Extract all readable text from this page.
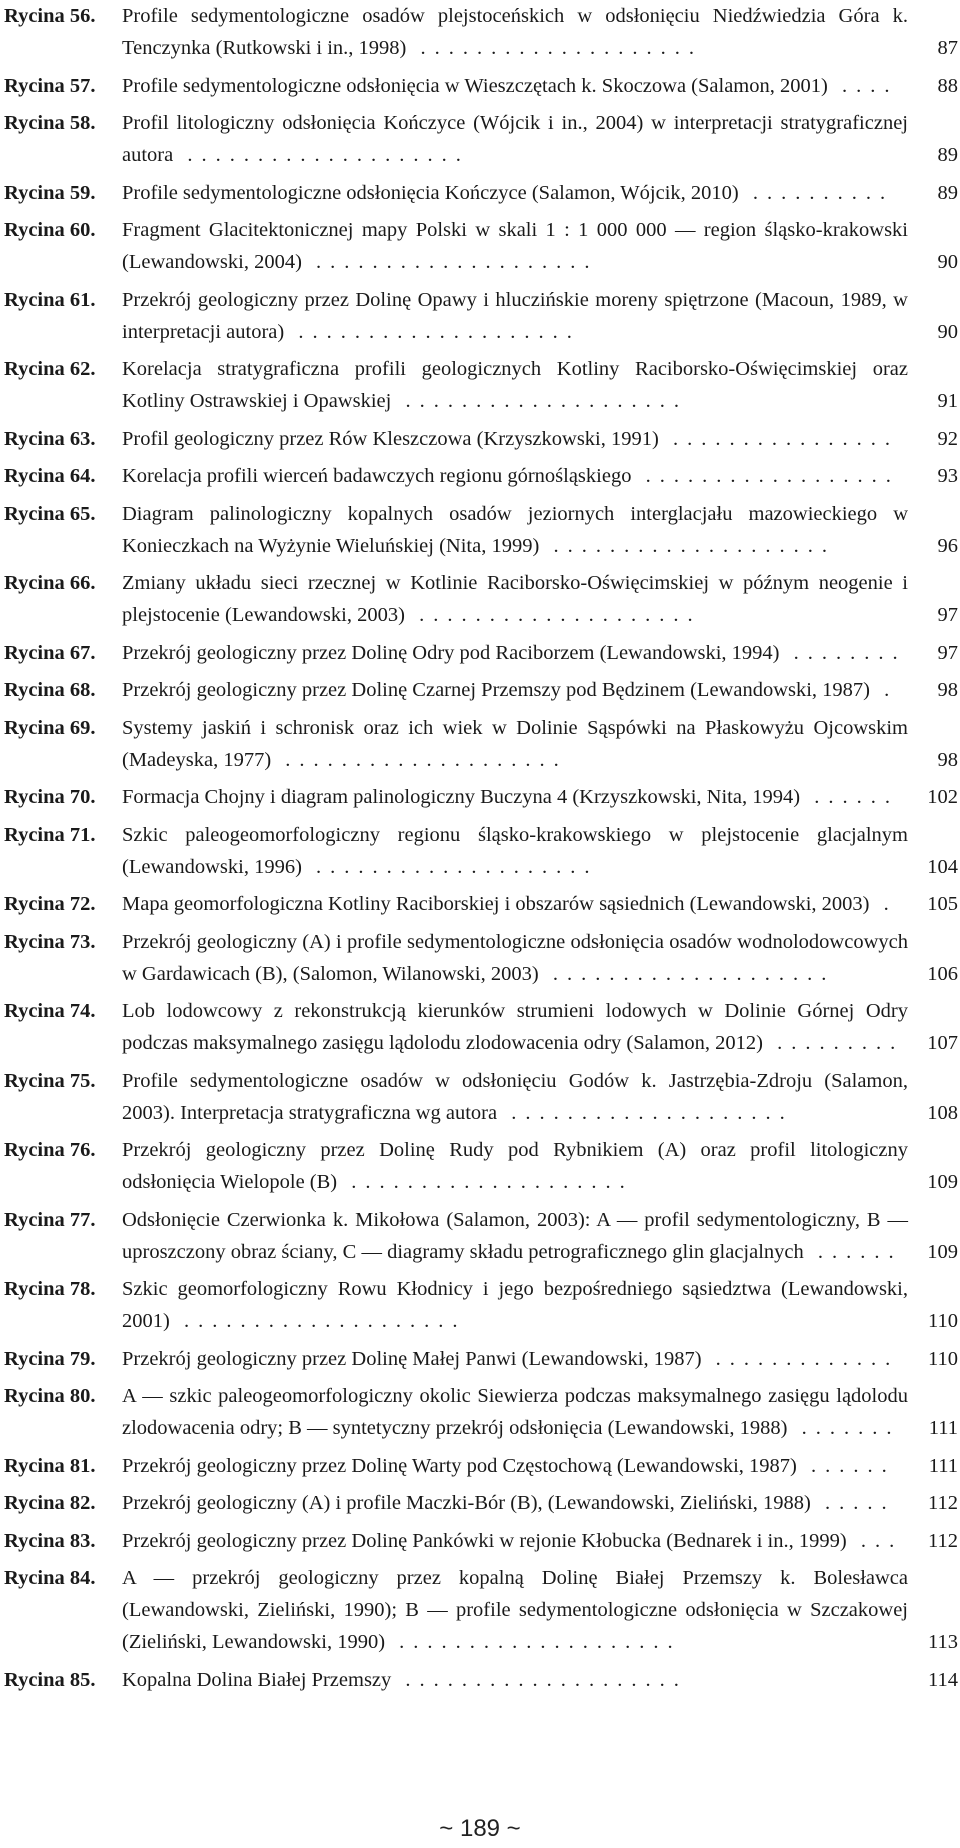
Rycina 56.	Profile sedymentologiczne osadów plejstoceńskich w odsłonięciu Niedźwiedzia Góra k. Tenczynka (Rutkowski i in., 1998) ....................	87
Rycina 57.	Profile sedymentologiczne odsłonięcia w Wieszczętach k. Skoczowa (Salamon, 2001) ....	88
Rycina 58.	Profil litologiczny odsłonięcia Kończyce (Wójcik i in., 2004) w interpretacji stratygraficznej autora ....................	89
Rycina 59.	Profile sedymentologiczne odsłonięcia Kończyce (Salamon, Wójcik, 2010) ..........	89
Rycina 60.	Fragment Glacitektonicznej mapy Polski w skali 1 : 1 000 000 — region śląsko-krakowski (Lewandowski, 2004) ....................	90
Rycina 61.	Przekrój geologiczny przez Dolinę Opawy i hluczińskie moreny spiętrzone (Macoun, 1989, w interpretacji autora) ....................	90
Rycina 62.	Korelacja stratygraficzna profili geologicznych Kotliny Raciborsko-Oświęcimskiej oraz Kotliny Ostrawskiej i Opawskiej ....................	91
Rycina 63.	Profil geologiczny przez Rów Kleszczowa (Krzyszkowski, 1991) ................	92
Rycina 64.	Korelacja profili wierceń badawczych regionu górnośląskiego ..................	93
Rycina 65.	Diagram palinologiczny kopalnych osadów jeziornych interglacjału mazowieckiego w Konieczkach na Wyżynie Wieluńskiej (Nita, 1999) ....................	96
Rycina 66.	Zmiany układu sieci rzecznej w Kotlinie Raciborsko-Oświęcimskiej w późnym neogenie i plejstocenie (Lewandowski, 2003) ....................	97
Rycina 67.	Przekrój geologiczny przez Dolinę Odry pod Raciborzem (Lewandowski, 1994) ........	97
Rycina 68.	Przekrój geologiczny przez Dolinę Czarnej Przemszy pod Będzinem (Lewandowski, 1987) .	98
Rycina 69.	Systemy jaskiń i schronisk oraz ich wiek w Dolinie Sąspówki na Płaskowyżu Ojcowskim (Madeyska, 1977) ....................	98
Rycina 70.	Formacja Chojny i diagram palinologiczny Buczyna 4 (Krzyszkowski, Nita, 1994) ......	102
Rycina 71.	Szkic paleogeomorfologiczny regionu śląsko-krakowskiego w plejstocenie glacjalnym (Lewandowski, 1996) ....................	104
Rycina 72.	Mapa geomorfologiczna Kotliny Raciborskiej i obszarów sąsiednich (Lewandowski, 2003) .	105
Rycina 73.	Przekrój geologiczny (A) i profile sedymentologiczne odsłonięcia osadów wodnolodowcowych w Gardawicach (B), (Salomon, Wilanowski, 2003) ....................	106
Rycina 74.	Lob lodowcowy z rekonstrukcją kierunków strumieni lodowych w Dolinie Górnej Odry podczas maksymalnego zasięgu lądolodu zlodowacenia odry (Salamon, 2012) .........	107
Rycina 75.	Profile sedymentologiczne osadów w odsłonięciu Godów k. Jastrzębia-Zdroju (Salamon, 2003). Interpretacja stratygraficzna wg autora ....................	108
Rycina 76.	Przekrój geologiczny przez Dolinę Rudy pod Rybnikiem (A) oraz profil litologiczny odsłonięcia Wielopole (B) ....................	109
Rycina 77.	Odsłonięcie Czerwionka k. Mikołowa (Salamon, 2003): A — profil sedymentologiczny, B — uproszczony obraz ściany, C — diagramy składu petrograficznego glin glacjalnych ......	109
Rycina 78.	Szkic geomorfologiczny Rowu Kłodnicy i jego bezpośredniego sąsiedztwa (Lewandowski, 2001) ....................	110
Rycina 79.	Przekrój geologiczny przez Dolinę Małej Panwi (Lewandowski, 1987) .............	110
Rycina 80.	A — szkic paleogeomorfologiczny okolic Siewierza podczas maksymalnego zasięgu lądolodu zlodowacenia odry; B — syntetyczny przekrój odsłonięcia (Lewandowski, 1988) .......	111
Rycina 81.	Przekrój geologiczny przez Dolinę Warty pod Częstochową (Lewandowski, 1987) ......	111
Rycina 82.	Przekrój geologiczny (A) i profile Maczki-Bór (B), (Lewandowski, Zieliński, 1988) .....	112
Rycina 83.	Przekrój geologiczny przez Dolinę Pankówki w rejonie Kłobucka (Bednarek i in., 1999) ...	112
Rycina 84.	A — przekrój geologiczny przez kopalną Dolinę Białej Przemszy k. Bolesławca (Lewandowski, Zieliński, 1990); B — profile sedymentologiczne odsłonięcia w Szczakowej (Zieliński, Lewandowski, 1990) ....................	113
Rycina 85.	Kopalna Dolina Białej Przemszy ....................	114
~ 189 ~
